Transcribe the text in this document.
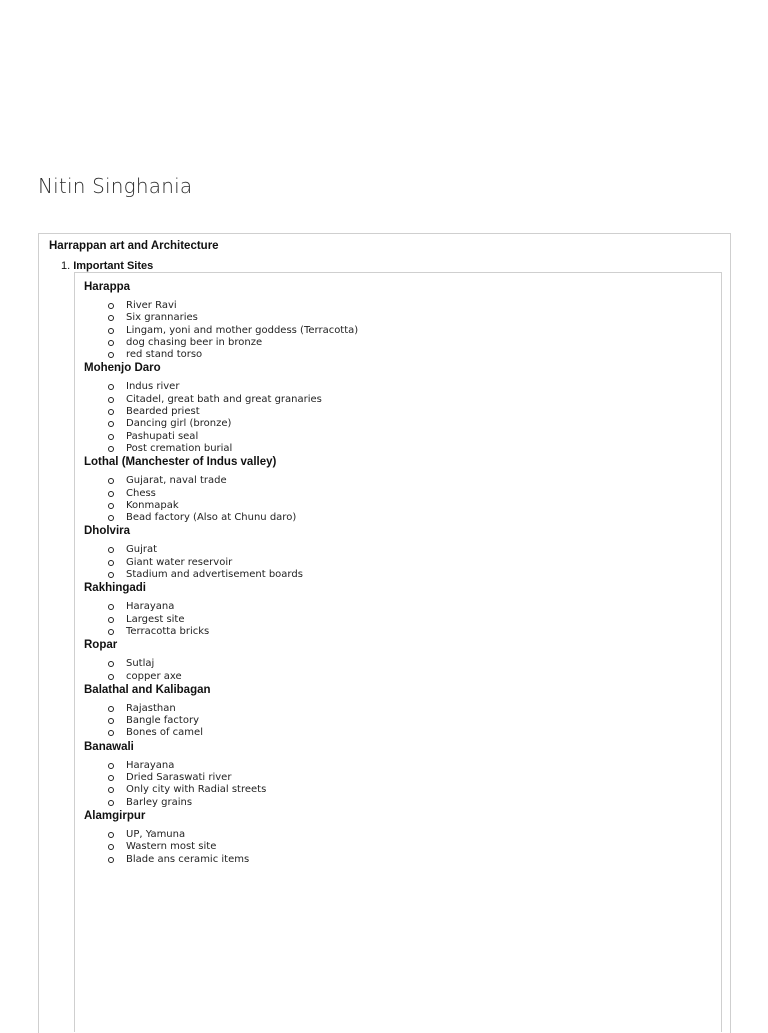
Nitin Singhania
Harrappan art and Architecture
1. Important Sites
Harappa
River Ravi
Six grannaries
Lingam, yoni and mother goddess (Terracotta)
dog chasing beer in bronze
red stand torso
Mohenjo Daro
Indus river
Citadel, great bath and great granaries
Bearded priest
Dancing girl (bronze)
Pashupati seal
Post cremation burial
Lothal (Manchester of Indus valley)
Gujarat, naval trade
Chess
Konmapak
Bead factory (Also at Chunu daro)
Dholvira
Gujrat
Giant water reservoir
Stadium and advertisement boards
Rakhingadi
Harayana
Largest site
Terracotta bricks
Ropar
Sutlaj
copper axe
Balathal and Kalibagan
Rajasthan
Bangle factory
Bones of camel
Banawali
Harayana
Dried Saraswati river
Only city with Radial streets
Barley grains
Alamgirpur
UP, Yamuna
Wastern most site
Blade ans ceramic items
